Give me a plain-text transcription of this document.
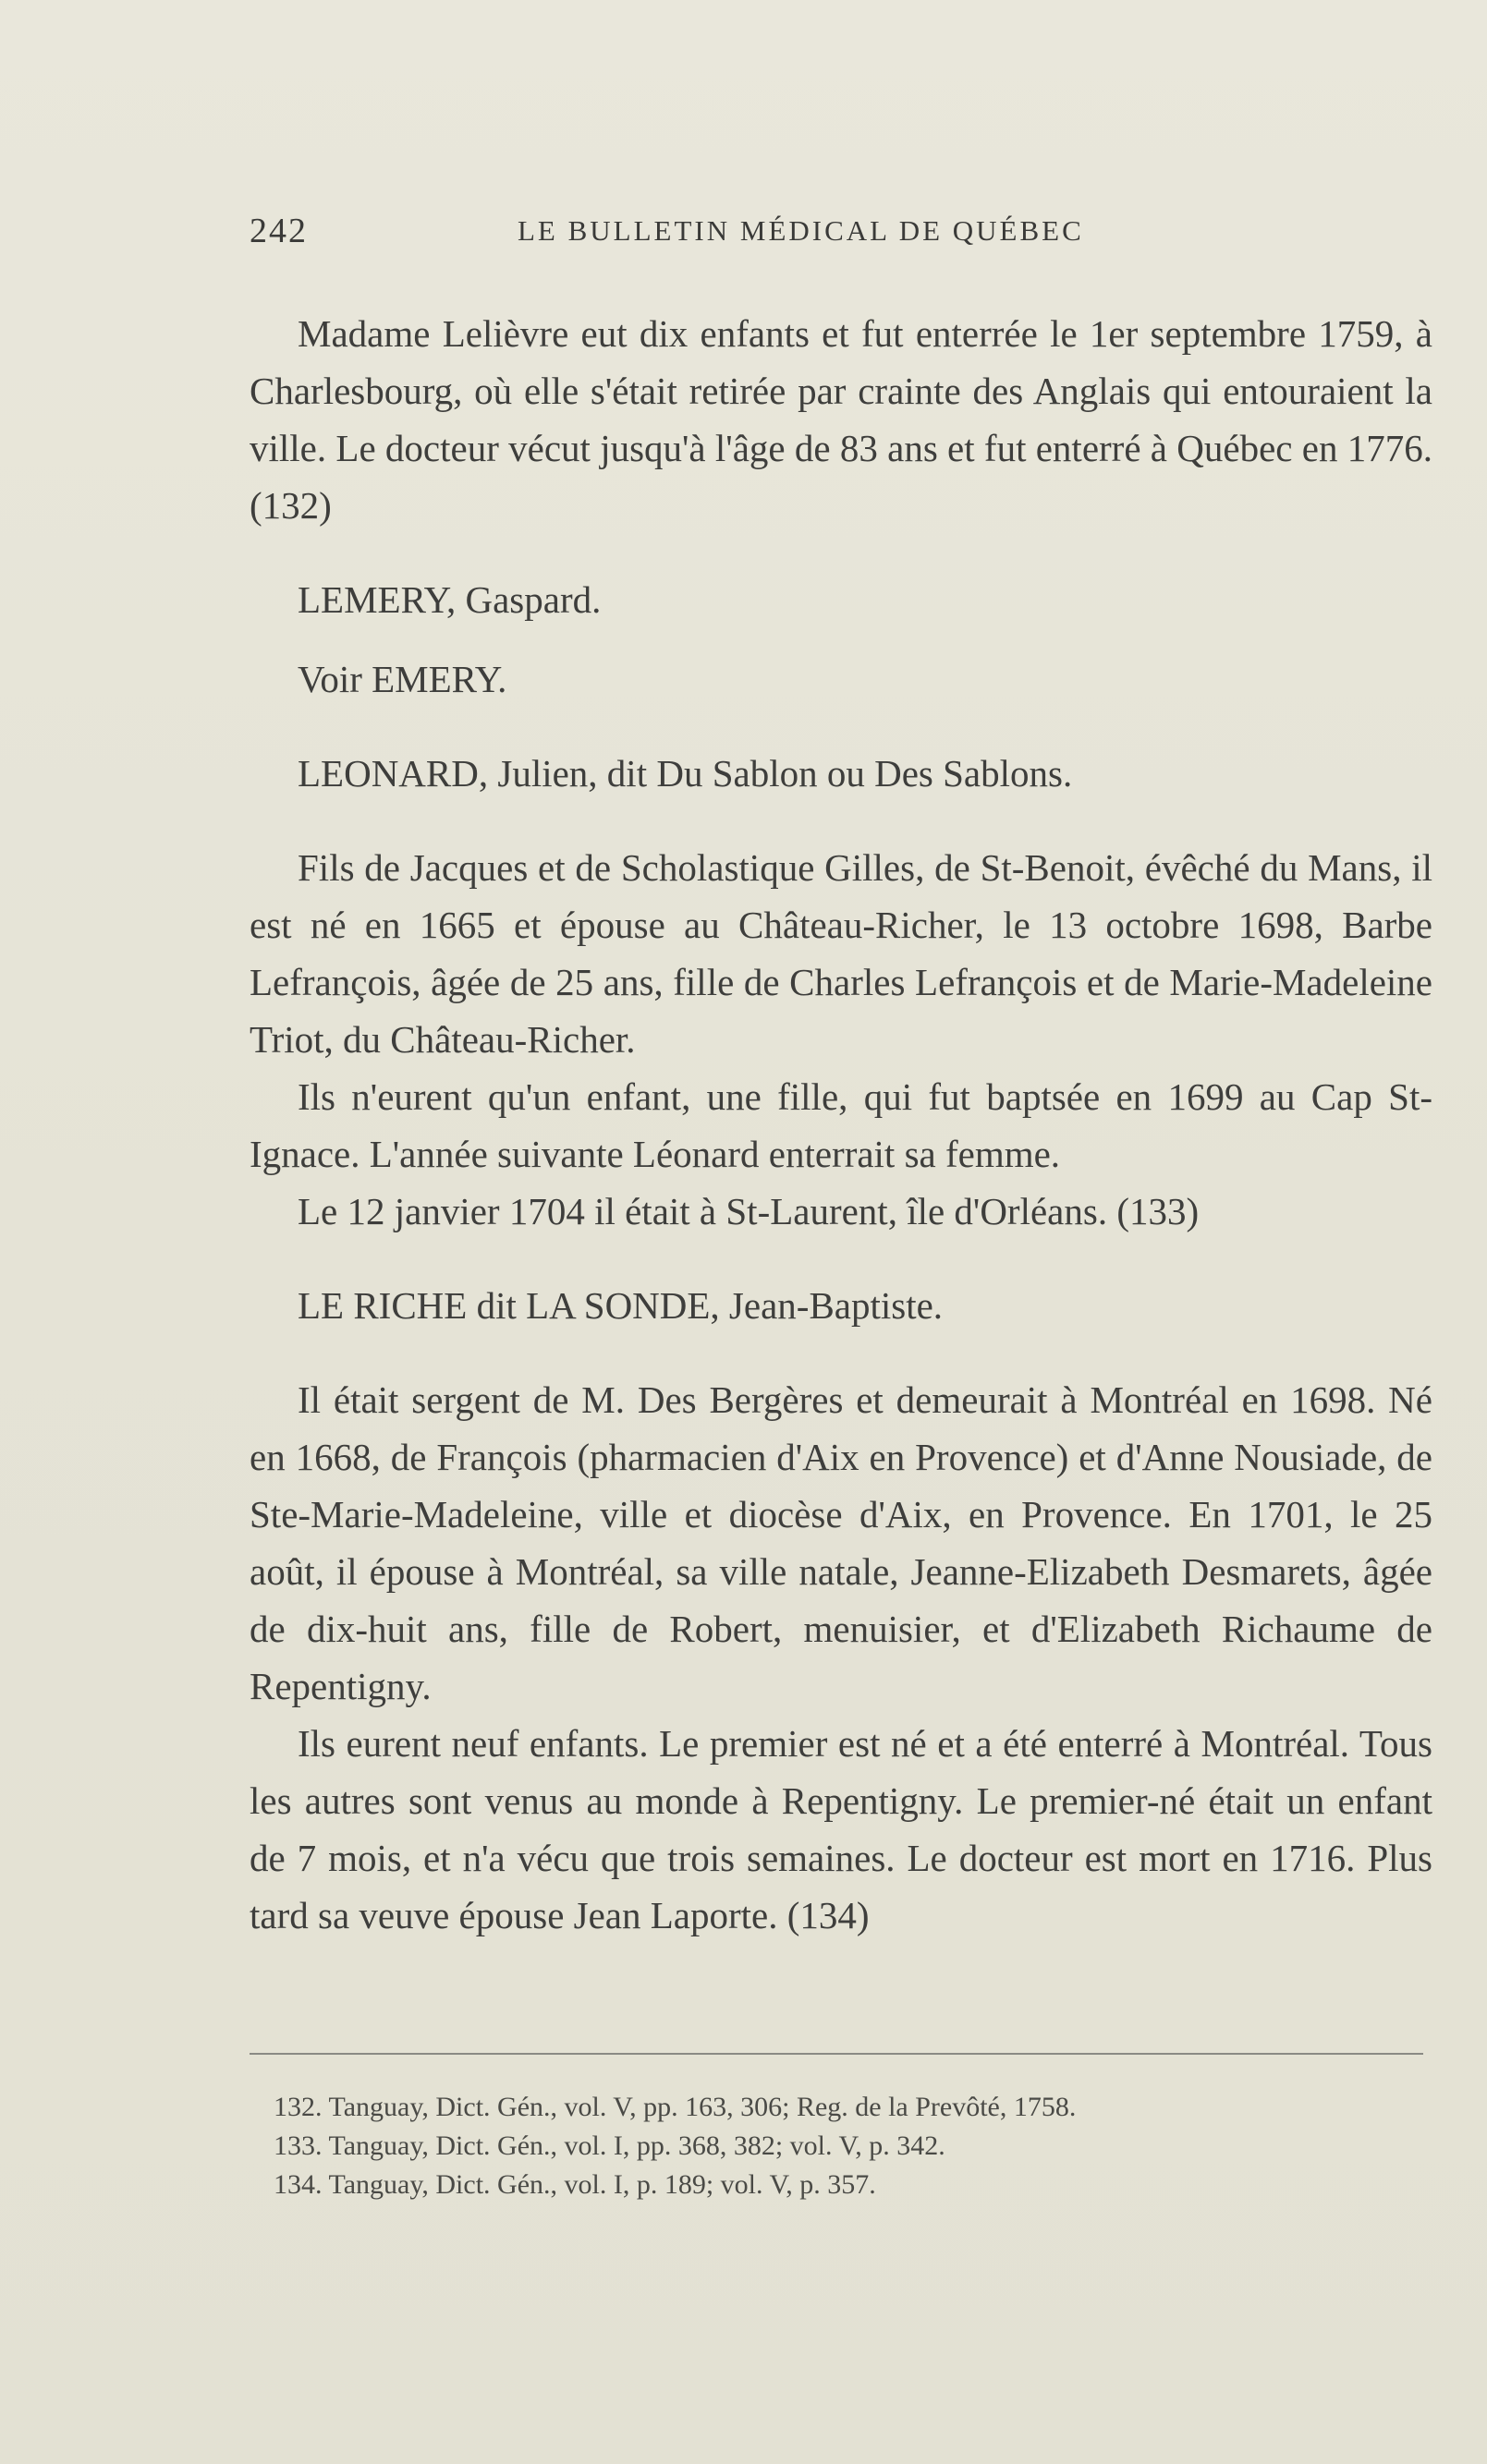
242	LE BULLETIN MÉDICAL DE QUÉBEC

Madame Lelièvre eut dix enfants et fut enterrée le 1er septembre 1759, à Charlesbourg, où elle s'était retirée par crainte des Anglais qui entouraient la ville. Le docteur vécut jusqu'à l'âge de 83 ans et fut enterré à Québec en 1776. (132)

LEMERY, Gaspard.

Voir EMERY.

LEONARD, Julien, dit Du Sablon ou Des Sablons.

Fils de Jacques et de Scholastique Gilles, de St-Benoit, évêché du Mans, il est né en 1665 et épouse au Château-Richer, le 13 octobre 1698, Barbe Lefrançois, âgée de 25 ans, fille de Charles Lefrançois et de Marie-Madeleine Triot, du Château-Richer.

Ils n'eurent qu'un enfant, une fille, qui fut baptsée en 1699 au Cap St-Ignace. L'année suivante Léonard enterrait sa femme.

Le 12 janvier 1704 il était à St-Laurent, île d'Orléans. (133)

LE RICHE dit LA SONDE, Jean-Baptiste.

Il était sergent de M. Des Bergères et demeurait à Montréal en 1698. Né en 1668, de François (pharmacien d'Aix en Provence) et d'Anne Nousiade, de Ste-Marie-Madeleine, ville et diocèse d'Aix, en Provence. En 1701, le 25 août, il épouse à Montréal, sa ville natale, Jeanne-Elizabeth Desmarets, âgée de dix-huit ans, fille de Robert, menuisier, et d'Elizabeth Richaume de Repentigny.

Ils eurent neuf enfants. Le premier est né et a été enterré à Montréal. Tous les autres sont venus au monde à Repentigny. Le premier-né était un enfant de 7 mois, et n'a vécu que trois semaines. Le docteur est mort en 1716. Plus tard sa veuve épouse Jean Laporte. (134)

132. Tanguay, Dict. Gén., vol. V, pp. 163, 306; Reg. de la Prevôté, 1758.

133. Tanguay, Dict. Gén., vol. I, pp. 368, 382; vol. V, p. 342.

134. Tanguay, Dict. Gén., vol. I, p. 189; vol. V, p. 357.
